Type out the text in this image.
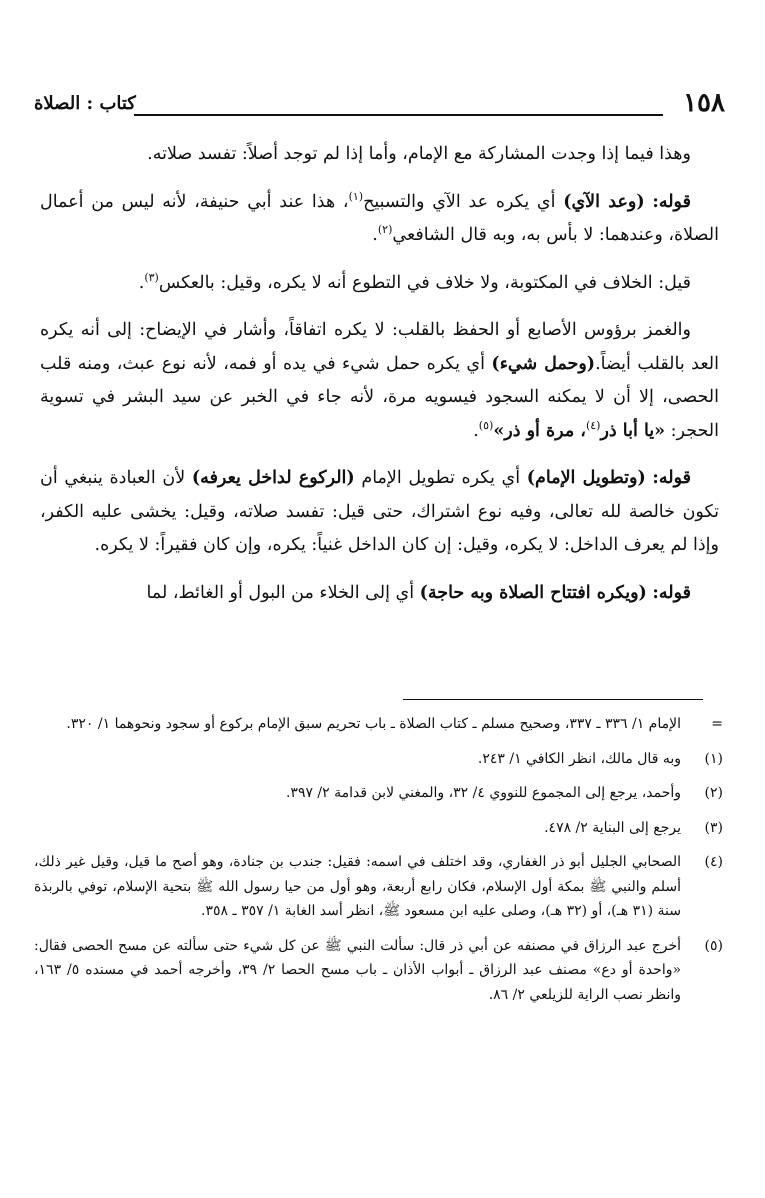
١٥٨
كتاب : الصلاة

وهذا فيما إذا وجدت المشاركة مع الإمام، وأما إذا لم توجد أصلاً: تفسد صلاته.

قوله: (وعد الآي) أي يكره عد الآي والتسبيح$^{(١)}$، هذا عند أبي حنيفة، لأنه ليس من أعمال الصلاة، وعندهما: لا بأس به، وبه قال الشافعي$^{(٢)}$.

قيل: الخلاف في المكتوبة، ولا خلاف في التطوع أنه لا يكره، وقيل: بالعكس$^{(٣)}$.

والغمز برؤوس الأصابع أو الحفظ بالقلب: لا يكره اتفاقاً، وأشار في الإيضاح: إلى أنه يكره العد بالقلب أيضاً.(وحمل شيء) أي يكره حمل شيء في يده أو فمه، لأنه نوع عبث، ومنه قلب الحصى، إلا أن لا يمكنه السجود فيسويه مرة، لأنه جاء في الخبر عن سيد البشر في تسوية الحجر: «يا أبا ذر$^{(٤)}$، مرة أو ذر»$^{(٥)}$.

قوله: (وتطويل الإمام) أي يكره تطويل الإمام (الركوع لداخل يعرفه) لأن العبادة ينبغي أن تكون خالصة لله تعالى، وفيه نوع اشتراك، حتى قيل: تفسد صلاته، وقيل: يخشى عليه الكفر، وإذا لم يعرف الداخل: لا يكره، وقيل: إن كان الداخل غنياً: يكره، وإن كان فقيراً: لا يكره.

قوله: (ويكره افتتاح الصلاة وبه حاجة) أي إلى الخلاء من البول أو الغائط، لما

=
الإمام ١/ ٣٣٦ ـ ٣٣٧، وصحيح مسلم ـ كتاب الصلاة ـ باب تحريم سبق الإمام بركوع أو سجود ونحوهما ١/ ٣٢٠.
(١)
وبه قال مالك، انظر الكافي ١/ ٢٤٣.
(٢)
وأحمد، يرجع إلى المجموع للنووي ٤/ ٣٢، والمغني لابن قدامة ٢/ ٣٩٧.
(٣)
يرجع إلى البناية ٢/ ٤٧٨.
(٤)
الصحابي الجليل أبو ذر الغفاري، وقد اختلف في اسمه: فقيل: جندب بن جنادة، وهو أصح ما قيل، وقيل غير ذلك، أسلم والنبي ﷺ بمكة أول الإسلام، فكان رابع أربعة، وهو أول من حيا رسول الله ﷺ بتحية الإسلام، توفي بالربذة سنة (٣١ هـ)، أو (٣٢ هـ)، وصلى عليه ابن مسعود ﷺ، انظر أسد الغابة ١/ ٣٥٧ ـ ٣٥٨.
(٥)
أخرج عبد الرزاق في مصنفه عن أبي ذر قال: سألت النبي ﷺ عن كل شيء حتى سألته عن مسح الحصى فقال: «واحدة أو دع» مصنف عبد الرزاق ـ أبواب الأذان ـ باب مسح الحصا ٢/ ٣٩، وأخرجه أحمد في مسنده ٥/ ١٦٣، وانظر نصب الراية للزيلعي ٢/ ٨٦.
